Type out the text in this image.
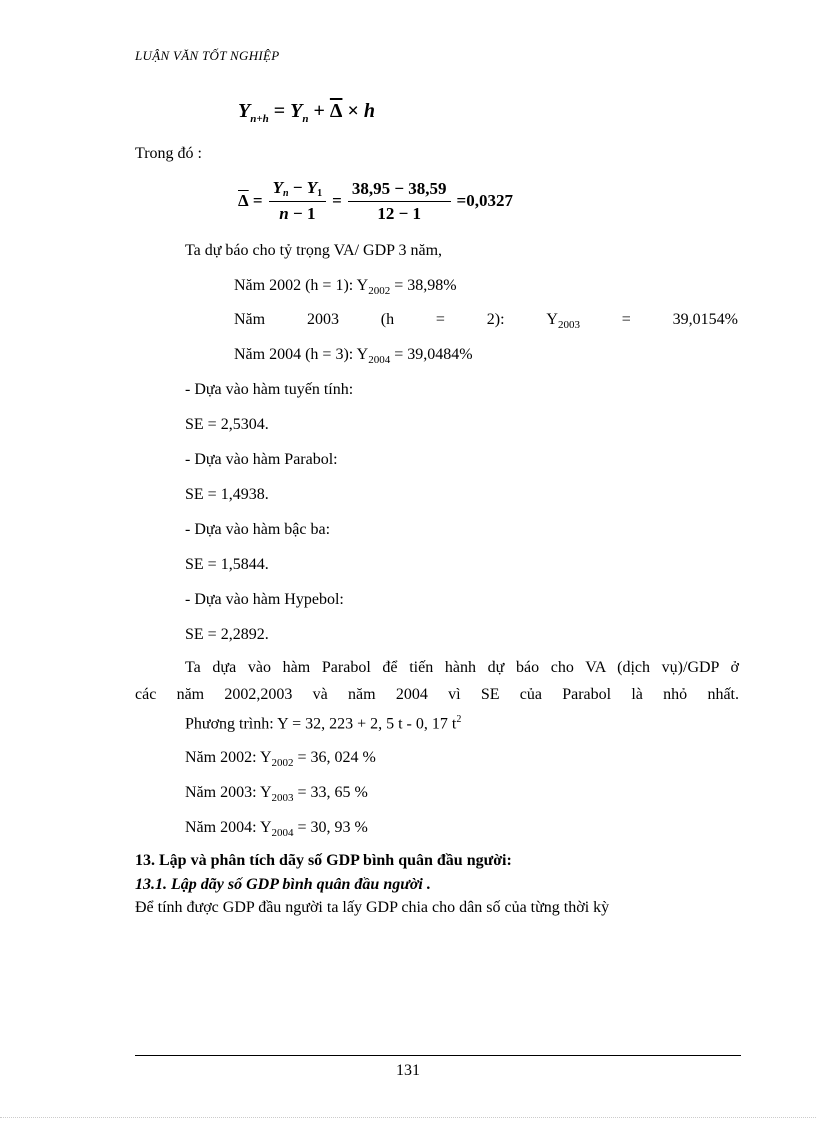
LUẬN VĂN TỐT NGHIỆP
$Y_{n+h} = Y_n + \overline{\Delta} \times h$
Trong đó :
$\overline{\Delta} = \frac{Yn - Y1}{n - 1} = \frac{38,95 - 38,59}{12 - 1} = 0,0327$
Ta dự báo cho tỷ trọng VA/ GDP 3 năm,
Năm 2002 (h = 1): $Y_{2002} = 38,98\%$
Năm	2003	(h	=	2):	$Y_{2003}$	=	39,0154%
Năm 2004 (h = 3): $Y_{2004} = 39,0484\%$
- Dựa vào hàm tuyến tính:
SE = 2,5304.
- Dựa vào hàm Parabol:
SE = 1,4938.
- Dựa vào hàm bậc ba:
SE = 1,5844.
- Dựa vào hàm Hypebol:
SE = 2,2892.
Ta dựa vào hàm Parabol để tiến hành dự báo cho VA (dịch vụ)/GDP ở
các năm 2002,2003 và năm 2004 vì SE của Parabol là nhỏ nhất.
Phương trình: Y = 32, 223 + 2, 5 t - 0, 17 $t^2$
Năm 2002: $Y_{2002} = 36$, 024 %
Năm 2003: $Y_{2003} = 33$, 65 %
Năm 2004: $Y_{2004} = 30$, 93 %
13. Lập và phân tích dãy số GDP bình quân đầu người:
13.1. Lập dãy số GDP bình quân đầu người .
Để tính được GDP đầu người ta lấy GDP chia cho dân số của từng thời kỳ
131
